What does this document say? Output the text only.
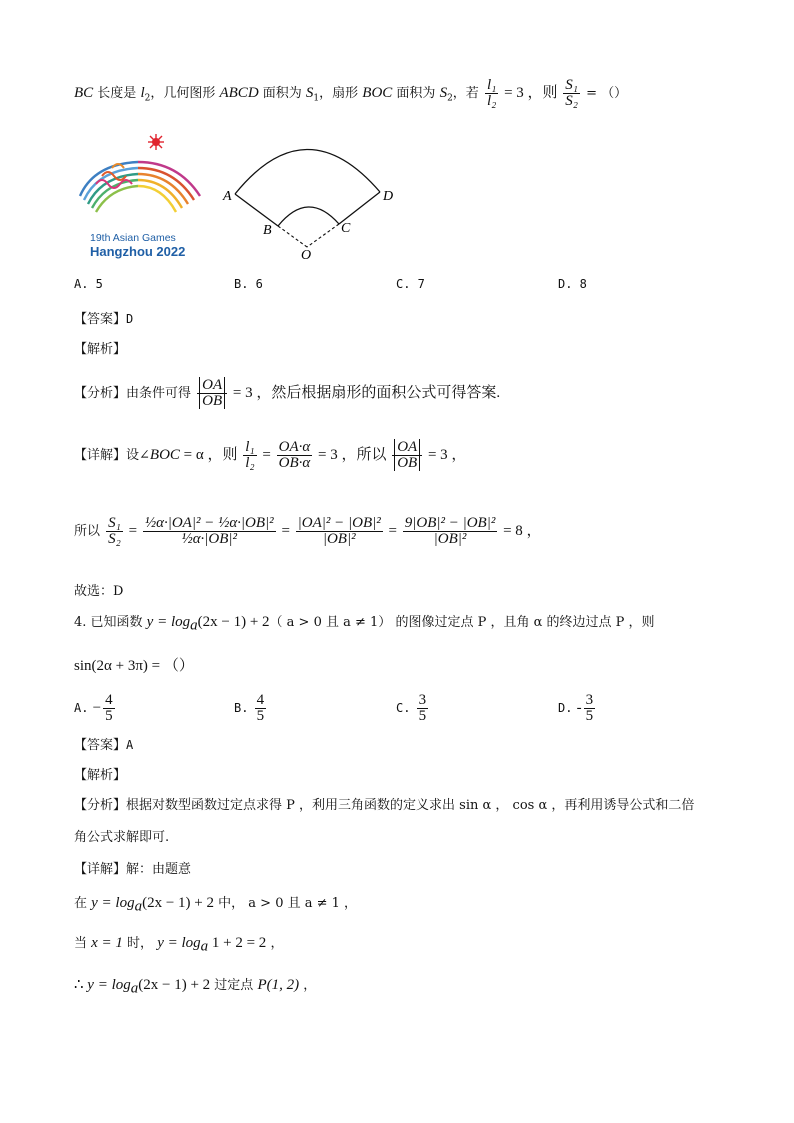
BC 长度是 $l_2$，几何图形 ABCD 面积为 $S_1$，扇形 BOC 面积为 $S_2$，若 $\frac{\text{l₁}}{\text{l₂}} = 3$ ，则 $\frac{\text{S₁}}{\text{S₂}}$ = （）
19th Asian Games
Hangzhou 2022
A	D
B	C
O
A. 5	B. 6	C. 7	D. 8
【答案】D
【解析】
【分析】由条件可得 $\frac{OA}{OB} = 3$ ，然后根据扇形的面积公式可得答案.
【详解】设∠BOC = α ，则 $\frac{\text{l₁}}{\text{l₂}} = \frac{OA\cdot\alpha}{OB\cdot\alpha} = 3$ ，所以 $\frac{OA}{OB} = 3$ ，
所以 $\frac{\text{S₁}}{\text{S₂}} = \frac{\text{½α·|OA|² − ½α·|OB|²}}{\text{½α·|OB|²}} = \frac{\text{|OA|² − |OB|²}}{\text{|OB|²}} = \frac{\text{9|OB|² − |OB|²}}{\text{|OB|²}} = 8$ ，
故选：D
4. 已知函数 $y = \log_a(2x - 1) + 2$（ a > 0 且 a ≠ 1） 的图像过定点 P ，且角 α 的终边过点 P ，则
sin(2α + 3π) = （）
A. − $\frac{4}{5}$	B. $\frac{4}{5}$	C. $\frac{3}{5}$	D. - $\frac{3}{5}$
【答案】A
【解析】
【分析】根据对数型函数过定点求得 P ，利用三角函数的定义求出 sin α ， cos α ，再利用诱导公式和二倍
角公式求解即可.
【详解】解：由题意
在 $y = \log_a(2x - 1) + 2$ 中， a > 0 且 a ≠ 1 ，
当 x = 1 时， $y = \log_a 1 + 2 = 2$ ，
∴ $y = \log_a(2x - 1) + 2$ 过定点 P(1, 2) ，
